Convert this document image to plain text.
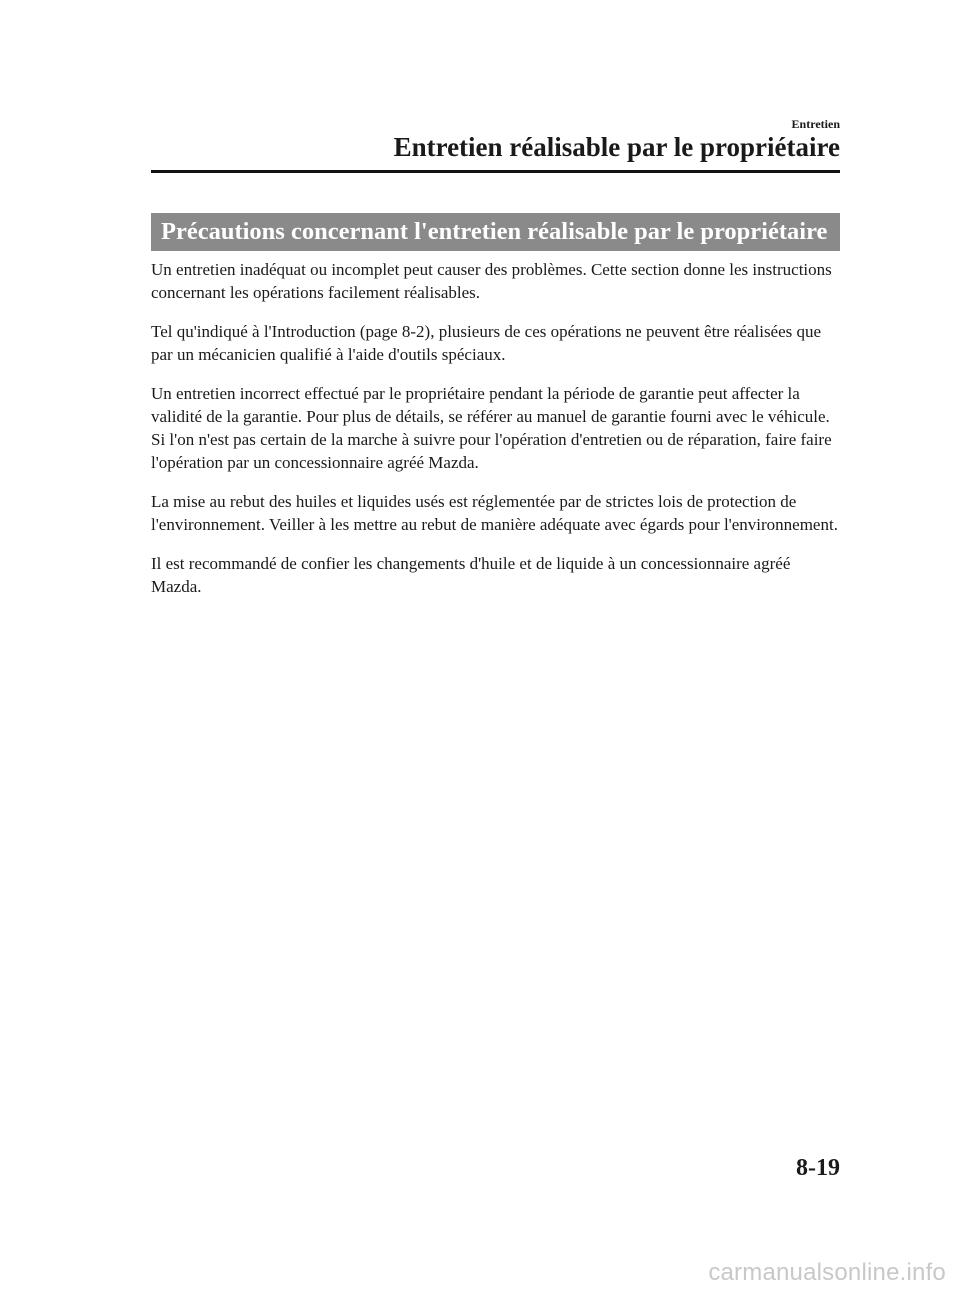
Entretien
Entretien réalisable par le propriétaire
Précautions concernant l'entretien réalisable par le propriétaire

Un entretien inadéquat ou incomplet peut causer des problèmes. Cette section donne les instructions concernant les opérations facilement réalisables.

Tel qu'indiqué à l'Introduction (page 8-2), plusieurs de ces opérations ne peuvent être réalisées que par un mécanicien qualifié à l'aide d'outils spéciaux.

Un entretien incorrect effectué par le propriétaire pendant la période de garantie peut affecter la validité de la garantie. Pour plus de détails, se référer au manuel de garantie fourni avec le véhicule. Si l'on n'est pas certain de la marche à suivre pour l'opération d'entretien ou de réparation, faire faire l'opération par un concessionnaire agréé Mazda.

La mise au rebut des huiles et liquides usés est réglementée par de strictes lois de protection de l'environnement. Veiller à les mettre au rebut de manière adéquate avec égards pour l'environnement.

Il est recommandé de confier les changements d'huile et de liquide à un concessionnaire agréé Mazda.

8-19
carmanualsonline.info
